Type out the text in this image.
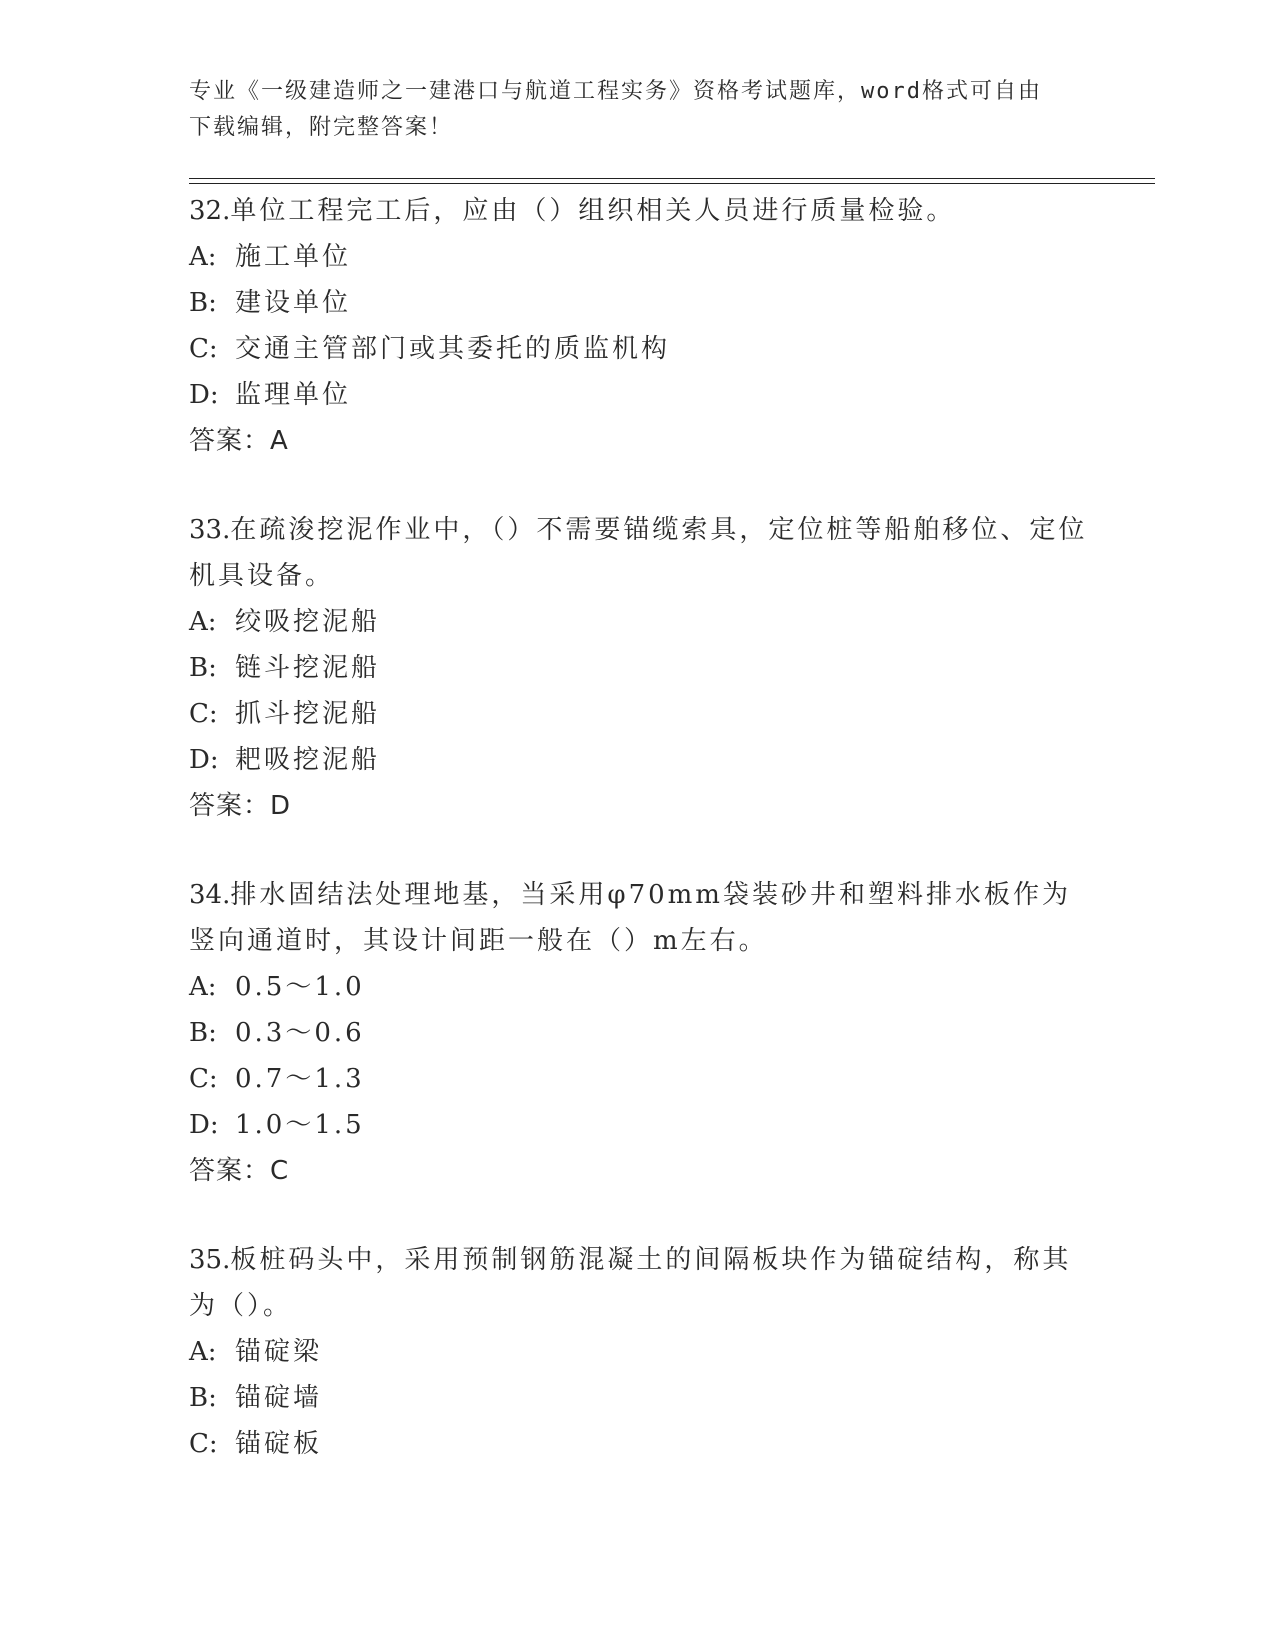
专业《一级建造师之一建港口与航道工程实务》资格考试题库，word格式可自由
下载编辑，附完整答案！

32.单位工程完工后，应由（）组织相关人员进行质量检验。

A: 施工单位

B: 建设单位

C: 交通主管部门或其委托的质监机构

D: 监理单位

答案：A

33.在疏浚挖泥作业中，（）不需要锚缆索具，定位桩等船舶移位、定位机具设备。

A: 绞吸挖泥船

B: 链斗挖泥船

C: 抓斗挖泥船

D: 耙吸挖泥船

答案：D

34.排水固结法处理地基，当采用φ70mm袋装砂井和塑料排水板作为竖向通道时，其设计间距一般在（）m左右。

A: 0.5～1.0

B: 0.3～0.6

C: 0.7～1.3

D: 1.0～1.5

答案：C

35.板桩码头中，采用预制钢筋混凝土的间隔板块作为锚碇结构，称其为（）。

A: 锚碇梁

B: 锚碇墙

C: 锚碇板
